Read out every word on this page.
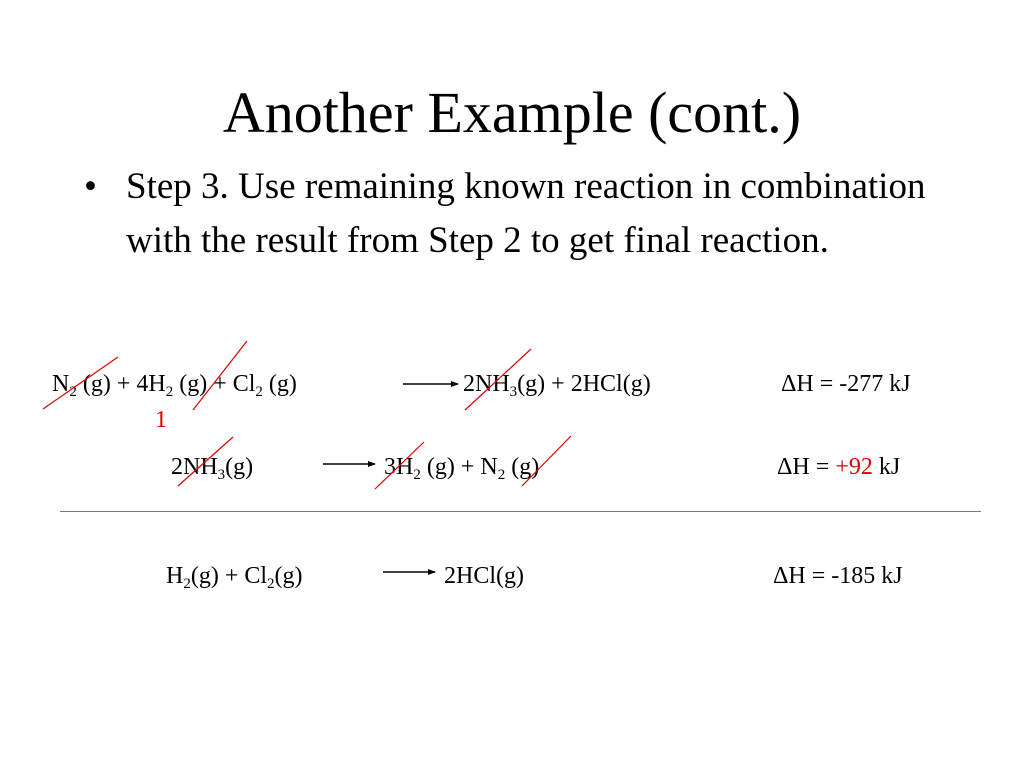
Another Example (cont.)
• Step 3. Use remaining known reaction in combination with the result from Step 2 to get final reaction.
$N_2$ $(g) + 4H_2$ $(g) + Cl_2$ (g)	$2NH_3(g) + 2HCl(g)$	ΔH = -277 kJ
1
$2NH_3(g)$	$3H_2$ $(g) + N_2$ (g)	ΔH = +92 kJ
$H_2(g) + Cl_2(g)$	2HCl(g)	ΔH = -185 kJ
